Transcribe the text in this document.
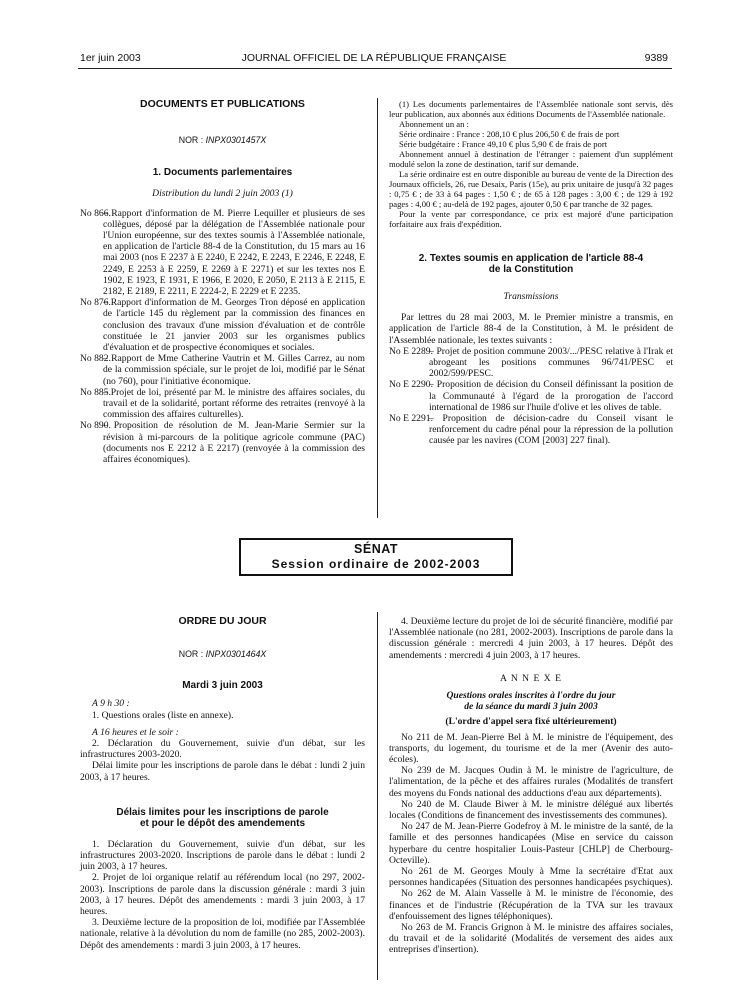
1er juin 2003	JOURNAL OFFICIEL DE LA RÉPUBLIQUE FRANÇAISE	9389
DOCUMENTS ET PUBLICATIONS
NOR : INPX0301457X
1. Documents parlementaires
Distribution du lundi 2 juin 2003 (1)
No 866.
– Rapport d'information de M. Pierre Lequiller et plusieurs de ses collègues, déposé par la délégation de l'Assemblée nationale pour l'Union européenne, sur des textes soumis à l'Assemblée nationale, en application de l'article 88-4 de la Constitution, du 15 mars au 16 mai 2003 (nos E 2237 à E 2240, E 2242, E 2243, E 2246, E 2248, E 2249, E 2253 à E 2259, E 2269 à E 2271) et sur les textes nos E 1902, E 1923, E 1931, E 1966, E 2020, E 2050, E 2113 à E 2115, E 2182, E 2189, E 2211, E 2224-2, E 2229 et E 2235.
No 876.
– Rapport d'information de M. Georges Tron déposé en application de l'article 145 du règlement par la commission des finances en conclusion des travaux d'une mission d'évaluation et de contrôle constituée le 21 janvier 2003 sur les organismes publics d'évaluation et de prospective économiques et sociales.
No 882.
– Rapport de Mme Catherine Vautrin et M. Gilles Carrez, au nom de la commission spéciale, sur le projet de loi, modifié par le Sénat (no 760), pour l'initiative économique.
No 885.
– Projet de loi, présenté par M. le ministre des affaires sociales, du travail et de la solidarité, portant réforme des retraites (renvoyé à la commission des affaires culturelles).
No 890.
– Proposition de résolution de M. Jean-Marie Sermier sur la révision à mi-parcours de la politique agricole commune (PAC) (documents nos E 2212 à E 2217) (renvoyée à la commission des affaires économiques).

(1) Les documents parlementaires de l'Assemblée nationale sont servis, dès leur publication, aux abonnés aux éditions Documents de l'Assemblée nationale.

Abonnement un an :

Série ordinaire : France : 208,10 € plus 206,50 € de frais de port

Série budgétaire : France 49,10 € plus 5,90 € de frais de port

Abonnement annuel à destination de l'étranger : paiement d'un supplément modulé selon la zone de destination, tarif sur demande.

La série ordinaire est en outre disponible au bureau de vente de la Direction des Journaux officiels, 26, rue Desaix, Paris (15e), au prix unitaire de jusqu'à 32 pages : 0,75 € ; de 33 à 64 pages : 1,50 € ; de 65 à 128 pages : 3,00 € ; de 129 à 192 pages : 4,00 € ; au-delà de 192 pages, ajouter 0,50 € par tranche de 32 pages.

Pour la vente par correspondance, ce prix est majoré d'une participation forfaitaire aux frais d'expédition.

2. Textes soumis en application de l'article 88-4
de la Constitution
Transmissions

Par lettres du 28 mai 2003, M. le Premier ministre a transmis, en application de l'article 88-4 de la Constitution, à M. le président de l'Assemblée nationale, les textes suivants :

No E 2289.
– Projet de position commune 2003/.../PESC relative à l'Irak et abrogeant les positions communes 96/741/PESC et 2002/599/PESC.
No E 2290.
– Proposition de décision du Conseil définissant la position de la Communauté à l'égard de la prorogation de l'accord international de 1986 sur l'huile d'olive et les olives de table.
No E 2291.
– Proposition de décision-cadre du Conseil visant le renforcement du cadre pénal pour la répression de la pollution causée par les navires (COM [2003] 227 final).
SÉNAT
Session ordinaire de 2002-2003
ORDRE DU JOUR
NOR : INPX0301464X
Mardi 3 juin 2003

A 9 h 30 :

1. Questions orales (liste en annexe).

A 16 heures et le soir :

2. Déclaration du Gouvernement, suivie d'un débat, sur les infrastructures 2003-2020.

Délai limite pour les inscriptions de parole dans le débat : lundi 2 juin 2003, à 17 heures.

Délais limites pour les inscriptions de parole
et pour le dépôt des amendements

1. Déclaration du Gouvernement, suivie d'un débat, sur les infrastructures 2003-2020. Inscriptions de parole dans le débat : lundi 2 juin 2003, à 17 heures.

2. Projet de loi organique relatif au référendum local (no 297, 2002-2003). Inscriptions de parole dans la discussion générale : mardi 3 juin 2003, à 17 heures. Dépôt des amendements : mardi 3 juin 2003, à 17 heures.

3. Deuxième lecture de la proposition de loi, modifiée par l'Assemblée nationale, relative à la dévolution du nom de famille (no 285, 2002-2003). Dépôt des amendements : mardi 3 juin 2003, à 17 heures.

4. Deuxième lecture du projet de loi de sécurité financière, modifié par l'Assemblée nationale (no 281, 2002-2003). Inscriptions de parole dans la discussion générale : mercredi 4 juin 2003, à 17 heures. Dépôt des amendements : mercredi 4 juin 2003, à 17 heures.

A N N E X E
Questions orales inscrites à l'ordre du jour
de la séance du mardi 3 juin 2003
(L'ordre d'appel sera fixé ultérieurement)

No 211 de M. Jean-Pierre Bel à M. le ministre de l'équipement, des transports, du logement, du tourisme et de la mer (Avenir des auto-écoles).

No 239 de M. Jacques Oudin à M. le ministre de l'agriculture, de l'alimentation, de la pêche et des affaires rurales (Modalités de transfert des moyens du Fonds national des adductions d'eau aux départements).

No 240 de M. Claude Biwer à M. le ministre délégué aux libertés locales (Conditions de financement des investissements des communes).

No 247 de M. Jean-Pierre Godefroy à M. le ministre de la santé, de la famille et des personnes handicapées (Mise en service du caisson hyperbare du centre hospitalier Louis-Pasteur [CHLP] de Cherbourg-Octeville).

No 261 de M. Georges Mouly à Mme la secrétaire d'Etat aux personnes handicapées (Situation des personnes handicapées psychiques).

No 262 de M. Alain Vasselle à M. le ministre de l'économie, des finances et de l'industrie (Récupération de la TVA sur les travaux d'enfouissement des lignes téléphoniques).

No 263 de M. Francis Grignon à M. le ministre des affaires sociales, du travail et de la solidarité (Modalités de versement des aides aux entreprises d'insertion).
